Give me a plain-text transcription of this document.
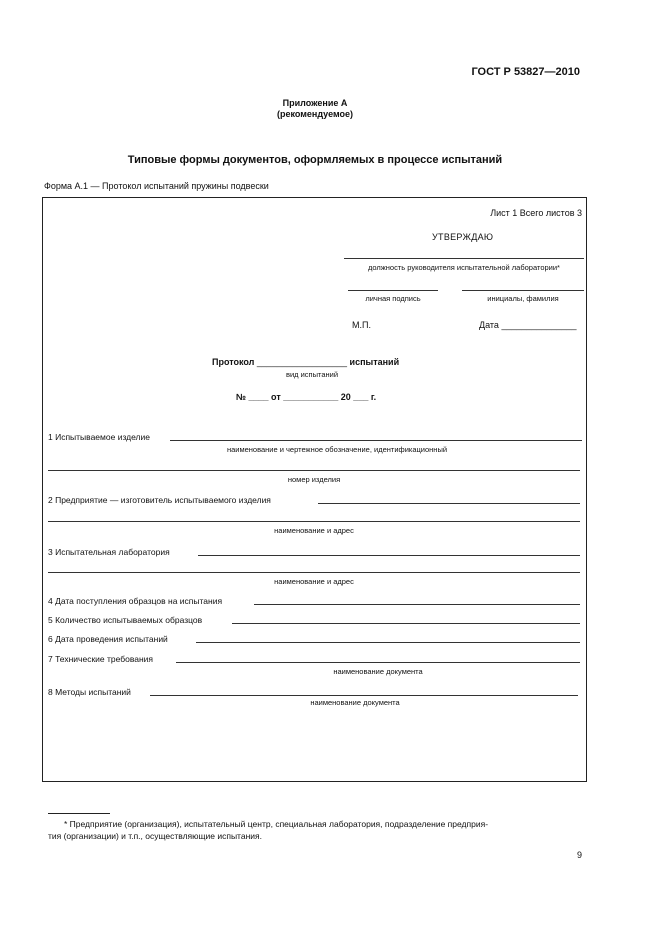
ГОСТ Р 53827—2010
Приложение А
(рекомендуемое)
Типовые формы документов, оформляемых в процессе испытаний
Форма А.1 — Протокол испытаний пружины подвески
Лист 1 Всего листов 3
УТВЕРЖДАЮ
должность руководителя испытательной лаборатории*
личная подпись	инициалы, фамилия
М.П.	Дата _______________
Протокол __________________ испытаний
вид испытаний
№ ____ от ___________ 20 ___ г.
1 Испытываемое изделие
наименование и чертежное обозначение, идентификационный
номер изделия
2 Предприятие — изготовитель испытываемого изделия
наименование и адрес
3 Испытательная лаборатория
наименование и адрес
4 Дата поступления образцов на испытания
5 Количество испытываемых образцов
6 Дата проведения испытаний
7 Технические требования
наименование документа
8 Методы испытаний
наименование документа
* Предприятие (организация), испытательный центр, специальная лаборатория, подразделение предприя-
тия (организации) и т.п., осуществляющие испытания.
9
